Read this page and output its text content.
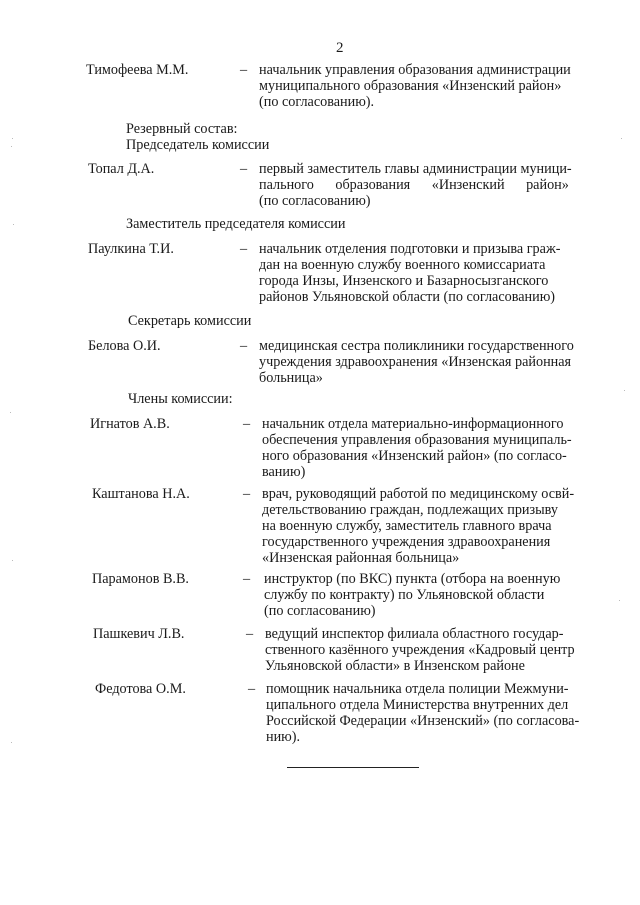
2
Тимофеева М.М.	– начальник управления образования администрации
муниципального образования «Инзенский район»
(по согласованию).
Резервный состав:
Председатель комиссии
Топал Д.А.	– первый заместитель главы администрации муници-
пального образования «Инзенский район»
(по согласованию)
Заместитель председателя комиссии
Паулкина Т.И.	– начальник отделения подготовки и призыва граж-
дан на военную службу военного комиссариата
города Инзы, Инзенского и Базарносызганского
районов Ульяновской области (по согласованию)
Секретарь комиссии
Белова О.И.	– медицинская сестра поликлиники государственного
учреждения здравоохранения «Инзенская районная
больница»
Члены комиссии:
Игнатов А.В.	– начальник отдела материально-информационного
обеспечения управления образования муниципаль-
ного образования «Инзенский район» (по согласо-
ванию)
Каштанова Н.А.	– врач, руководящий работой по медицинскому освй-
детельствованию граждан, подлежащих призыву
на военную службу, заместитель главного врача
государственного учреждения здравоохранения
«Инзенская районная больница»
Парамонов В.В.	– инструктор (по ВКС) пункта (отбора на военную
службу по контракту) по Ульяновской области
(по согласованию)
Пашкевич Л.В.	– ведущий инспектор филиала областного государ-
ственного казённого учреждения «Кадровый центр
Ульяновской области» в Инзенском районе
Федотова О.М.	– помощник начальника отдела полиции Межмуни-
ципального отдела Министерства внутренних дел
Российской Федерации «Инзенский» (по согласова-
нию).
